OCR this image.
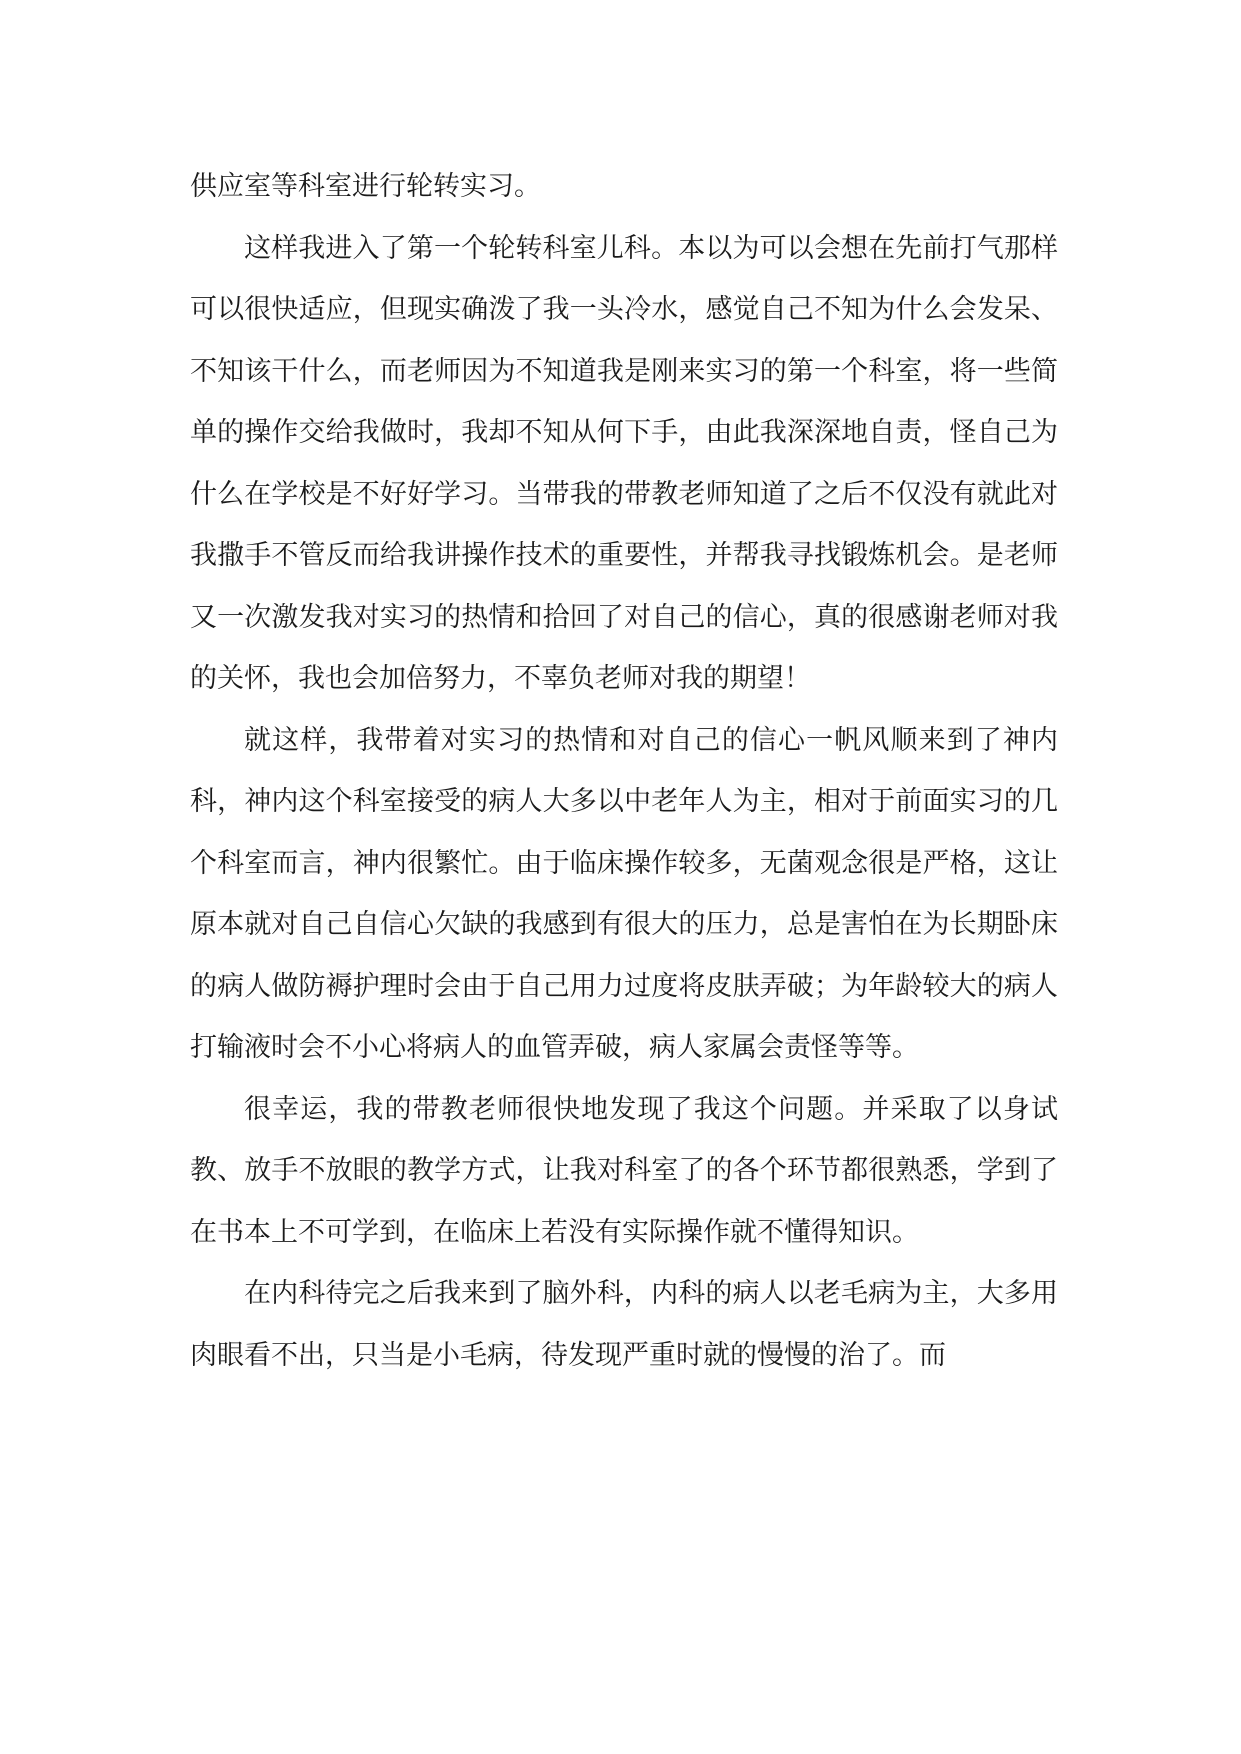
供应室等科室进行轮转实习。

这样我进入了第一个轮转科室儿科。本以为可以会想在先前打气那样可以很快适应，但现实确泼了我一头冷水，感觉自己不知为什么会发呆、不知该干什么，而老师因为不知道我是刚来实习的第一个科室，将一些简单的操作交给我做时，我却不知从何下手，由此我深深地自责，怪自己为什么在学校是不好好学习。当带我的带教老师知道了之后不仅没有就此对我撒手不管反而给我讲操作技术的重要性，并帮我寻找锻炼机会。是老师又一次激发我对实习的热情和拾回了对自己的信心，真的很感谢老师对我的关怀，我也会加倍努力，不辜负老师对我的期望！

就这样，我带着对实习的热情和对自己的信心一帆风顺来到了神内科，神内这个科室接受的病人大多以中老年人为主，相对于前面实习的几个科室而言，神内很繁忙。由于临床操作较多，无菌观念很是严格，这让原本就对自己自信心欠缺的我感到有很大的压力，总是害怕在为长期卧床的病人做防褥护理时会由于自己用力过度将皮肤弄破；为年龄较大的病人打输液时会不小心将病人的血管弄破，病人家属会责怪等等。

很幸运，我的带教老师很快地发现了我这个问题。并采取了以身试教、放手不放眼的教学方式，让我对科室了的各个环节都很熟悉，学到了在书本上不可学到，在临床上若没有实际操作就不懂得知识。

在内科待完之后我来到了脑外科，内科的病人以老毛病为主，大多用肉眼看不出，只当是小毛病，待发现严重时就的慢慢的治了。而
